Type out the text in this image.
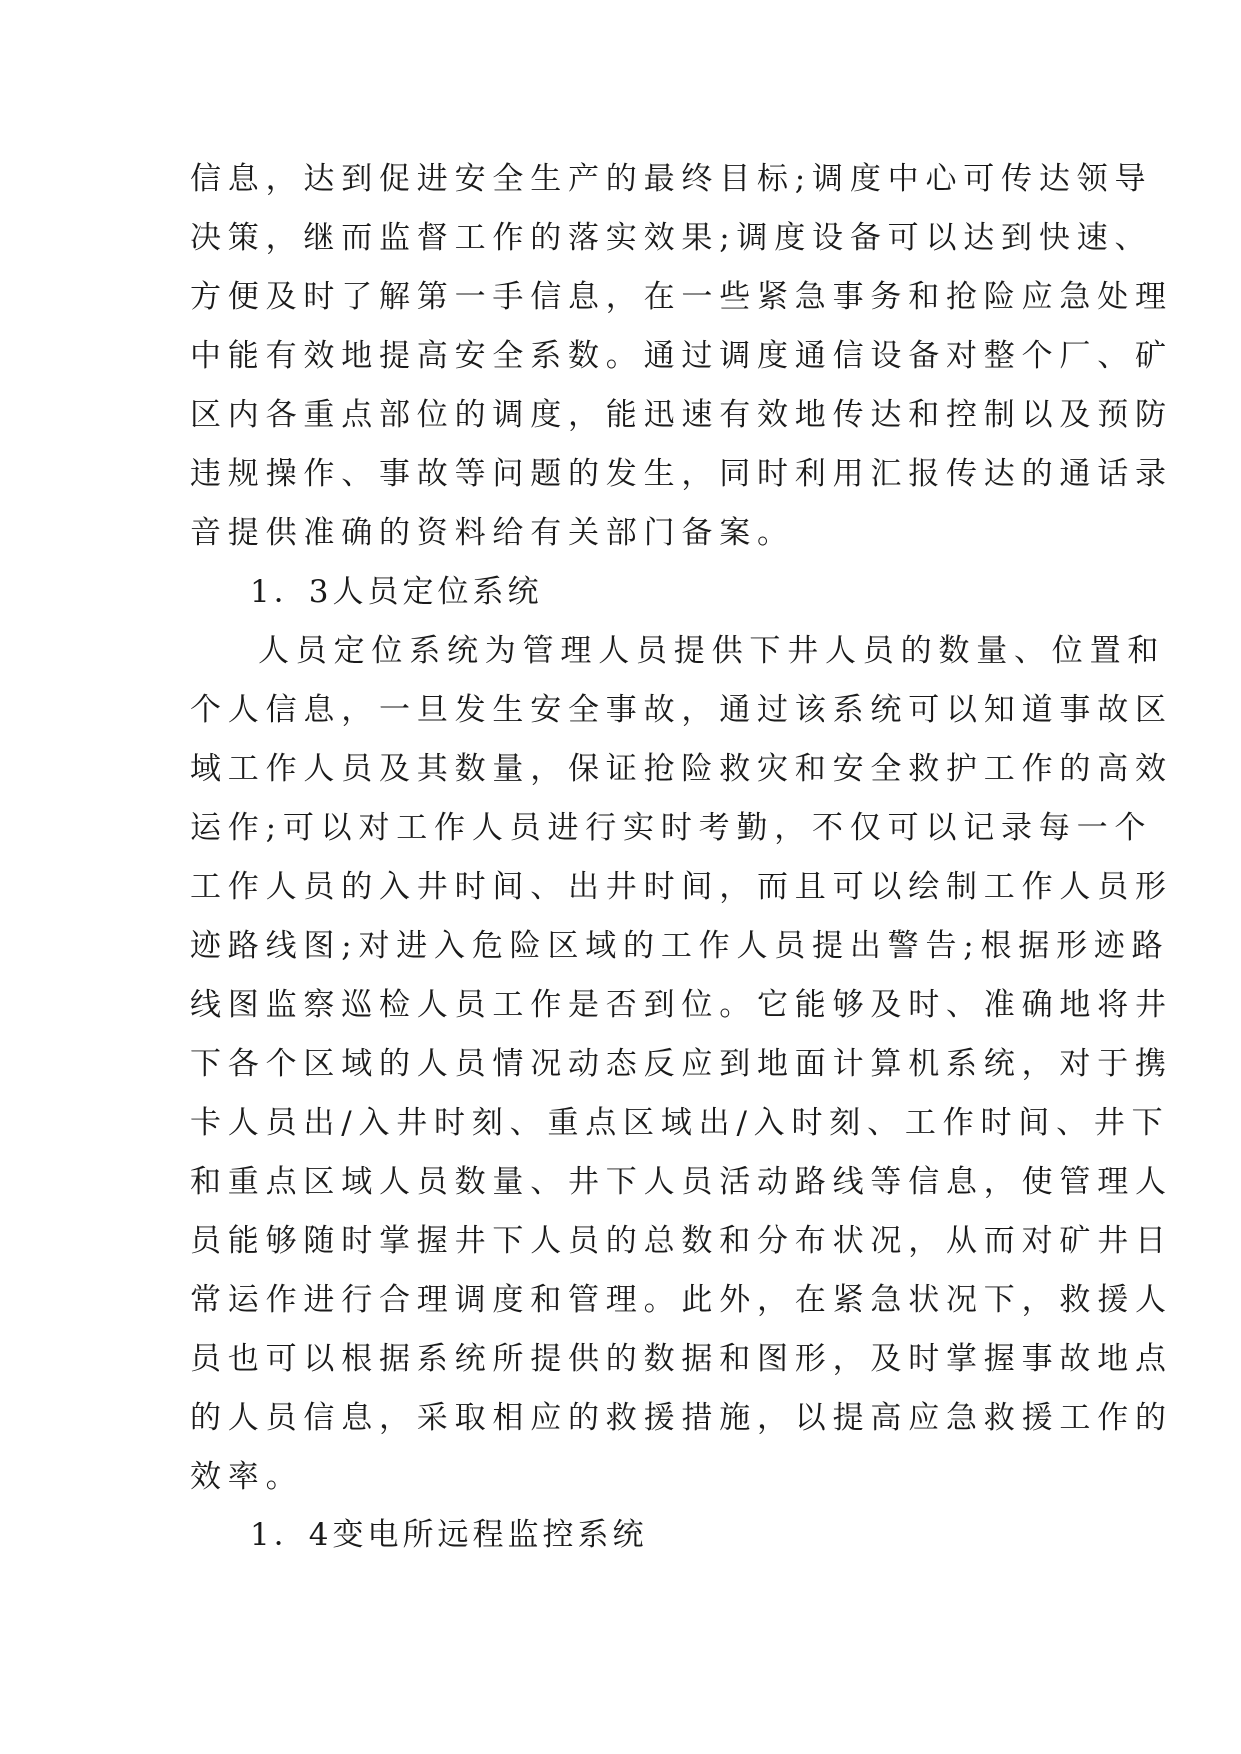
信息，达到促进安全生产的最终目标;调度中心可传达领导
决策，继而监督工作的落实效果;调度设备可以达到快速、
方便及时了解第一手信息，在一些紧急事务和抢险应急处理
中能有效地提高安全系数。通过调度通信设备对整个厂、矿
区内各重点部位的调度，能迅速有效地传达和控制以及预防
违规操作、事故等问题的发生，同时利用汇报传达的通话录
音提供准确的资料给有关部门备案。
1．3人员定位系统
人员定位系统为管理人员提供下井人员的数量、位置和
个人信息，一旦发生安全事故，通过该系统可以知道事故区
域工作人员及其数量，保证抢险救灾和安全救护工作的高效
运作;可以对工作人员进行实时考勤，不仅可以记录每一个
工作人员的入井时间、出井时间，而且可以绘制工作人员形
迹路线图;对进入危险区域的工作人员提出警告;根据形迹路
线图监察巡检人员工作是否到位。它能够及时、准确地将井
下各个区域的人员情况动态反应到地面计算机系统，对于携
卡人员出/入井时刻、重点区域出/入时刻、工作时间、井下
和重点区域人员数量、井下人员活动路线等信息，使管理人
员能够随时掌握井下人员的总数和分布状况，从而对矿井日
常运作进行合理调度和管理。此外，在紧急状况下，救援人
员也可以根据系统所提供的数据和图形，及时掌握事故地点
的人员信息，采取相应的救援措施，以提高应急救援工作的
效率。
1．4变电所远程监控系统
